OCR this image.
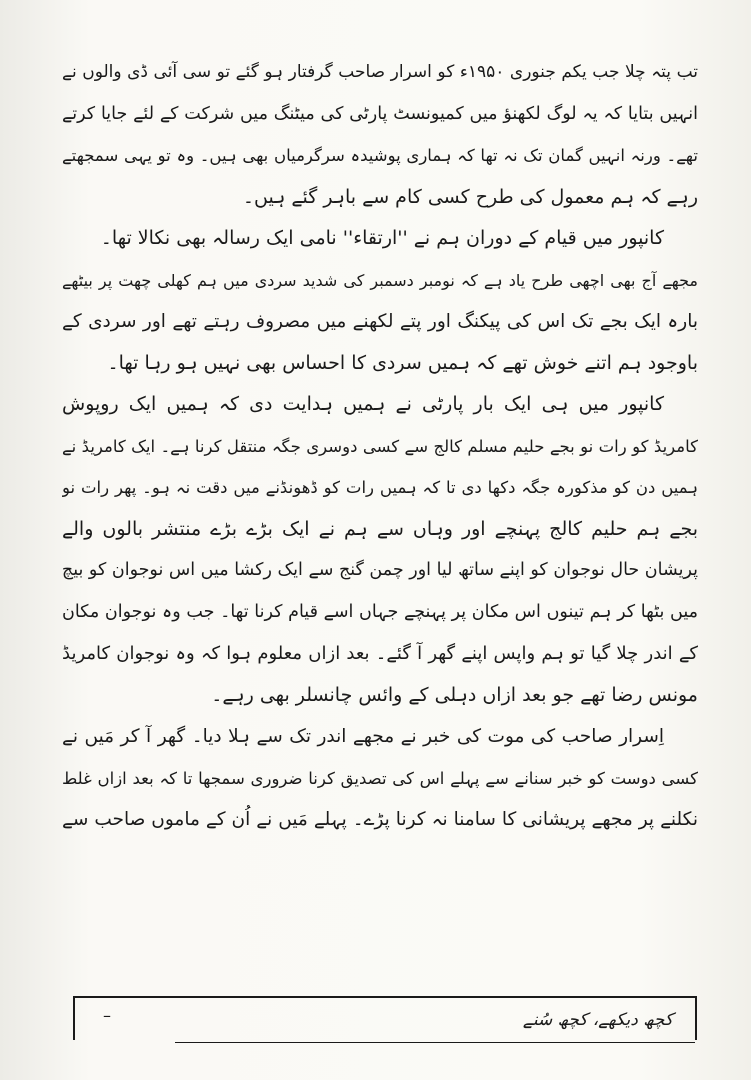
تب پتہ چلا جب یکم جنوری ۱۹۵۰ء کو اسرار صاحب گرفتار ہو گئے تو سی آئی ڈی والوں نے
انہیں بتایا کہ یہ لوگ لکھنؤ میں کمیونسٹ پارٹی کی میٹنگ میں شرکت کے لئے جایا کرتے
تھے۔ ورنہ انہیں گمان تک نہ تھا کہ ہماری پوشیدہ سرگرمیاں بھی ہیں۔ وہ تو یہی سمجھتے
رہے کہ ہم معمول کی طرح کسی کام سے باہر گئے ہیں۔
کانپور میں قیام کے دوران ہم نے ''ارتقاء'' نامی ایک رسالہ بھی نکالا تھا۔
مجھے آج بھی اچھی طرح یاد ہے کہ نومبر دسمبر کی شدید سردی میں ہم کھلی چھت پر بیٹھے
بارہ ایک بجے تک اس کی پیکنگ اور پتے لکھنے میں مصروف رہتے تھے اور سردی کے
باوجود ہم اتنے خوش تھے کہ ہمیں سردی کا احساس بھی نہیں ہو رہا تھا۔
کانپور میں ہی ایک بار پارٹی نے ہمیں ہدایت دی کہ ہمیں ایک روپوش
کامریڈ کو رات نو بجے حلیم مسلم کالج سے کسی دوسری جگہ منتقل کرنا ہے۔ ایک کامریڈ نے
ہمیں دن کو مذکورہ جگہ دکھا دی تا کہ ہمیں رات کو ڈھونڈنے میں دقت نہ ہو۔ پھر رات نو
بجے ہم حلیم کالج پہنچے اور وہاں سے ہم نے ایک بڑے بڑے منتشر بالوں والے
پریشان حال نوجوان کو اپنے ساتھ لیا اور چمن گنج سے ایک رکشا میں اس نوجوان کو بیچ
میں بٹھا کر ہم تینوں اس مکان پر پہنچے جہاں اسے قیام کرنا تھا۔ جب وہ نوجوان مکان
کے اندر چلا گیا تو ہم واپس اپنے گھر آ گئے۔ بعد ازاں معلوم ہوا کہ وہ نوجوان کامریڈ
مونس رضا تھے جو بعد ازاں دہلی کے وائس چانسلر بھی رہے۔
اِسرار صاحب کی موت کی خبر نے مجھے اندر تک سے ہلا دیا۔ گھر آ کر مَیں نے
کسی دوست کو خبر سنانے سے پہلے اس کی تصدیق کرنا ضروری سمجھا تا کہ بعد ازاں غلط
نکلنے پر مجھے پریشانی کا سامنا نہ کرنا پڑے۔ پہلے مَیں نے اُن کے ماموں صاحب سے
–	کچھ دیکھے، کچھ سُنے
